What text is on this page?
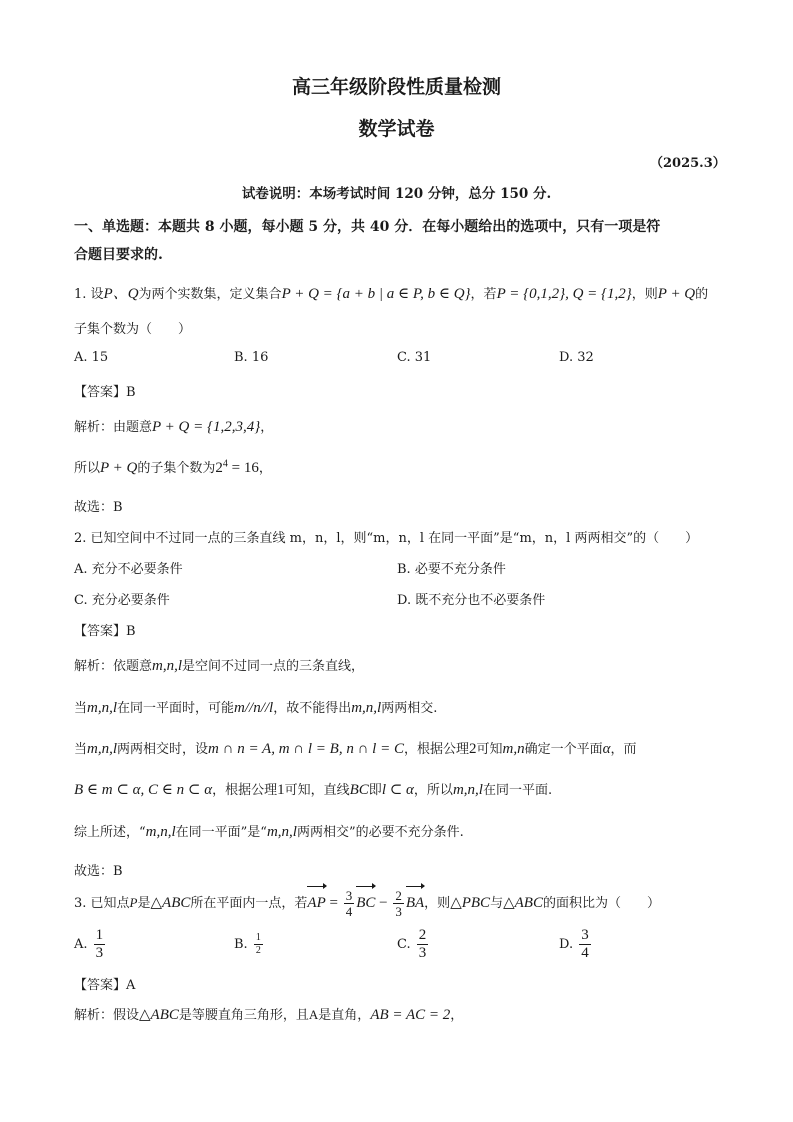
高三年级阶段性质量检测
数学试卷
（2025.3）
试卷说明：本场考试时间 120 分钟，总分 150 分.
一、单选题：本题共 8 小题，每小题 5 分，共 40 分．在每小题给出的选项中，只有一项是符
合题目要求的.
1. 设P、Q为两个实数集，定义集合P + Q = {a + b | a ∈ P, b ∈ Q}，若P = {0,1,2}, Q = {1,2}，则P + Q的
子集个数为（　　）
A. 15	B. 16	C. 31	D. 32
【答案】B
解析：由题意P + Q = {1,2,3,4}，
所以P + Q的子集个数为$2^4 = 16$，
故选：B
2. 已知空间中不过同一点的三条直线 m，n，l，则“m，n，l 在同一平面”是“m，n，l 两两相交”的（　　）
A. 充分不必要条件	B. 必要不充分条件
C. 充分必要条件	D. 既不充分也不必要条件
【答案】B
解析：依题意m,n,l是空间不过同一点的三条直线，
当m,n,l在同一平面时，可能m//n//l，故不能得出m,n,l两两相交.
当m,n,l两两相交时，设m ∩ n = A, m ∩ l = B, n ∩ l = C，根据公理2可知m,n确定一个平面α，而
B ∈ m ⊂ α, C ∈ n ⊂ α，根据公理1可知，直线BC即l ⊂ α，所以m,n,l在同一平面.
综上所述，“m,n,l在同一平面”是“m,n,l两两相交”的必要不充分条件.
故选：B
3. 已知点P是△ABC所在平面内一点，若AP = $\frac{3}{4}$ BC − $\frac{2}{3}$ BA，则△PBC与△ABC的面积比为（　　）
A. $\frac{1}{3}$	B. $\frac{1}{2}$	C. $\frac{2}{3}$	D. $\frac{3}{4}$
【答案】A
解析：假设△ABC是等腰直角三角形，且A是直角，AB = AC = 2，
